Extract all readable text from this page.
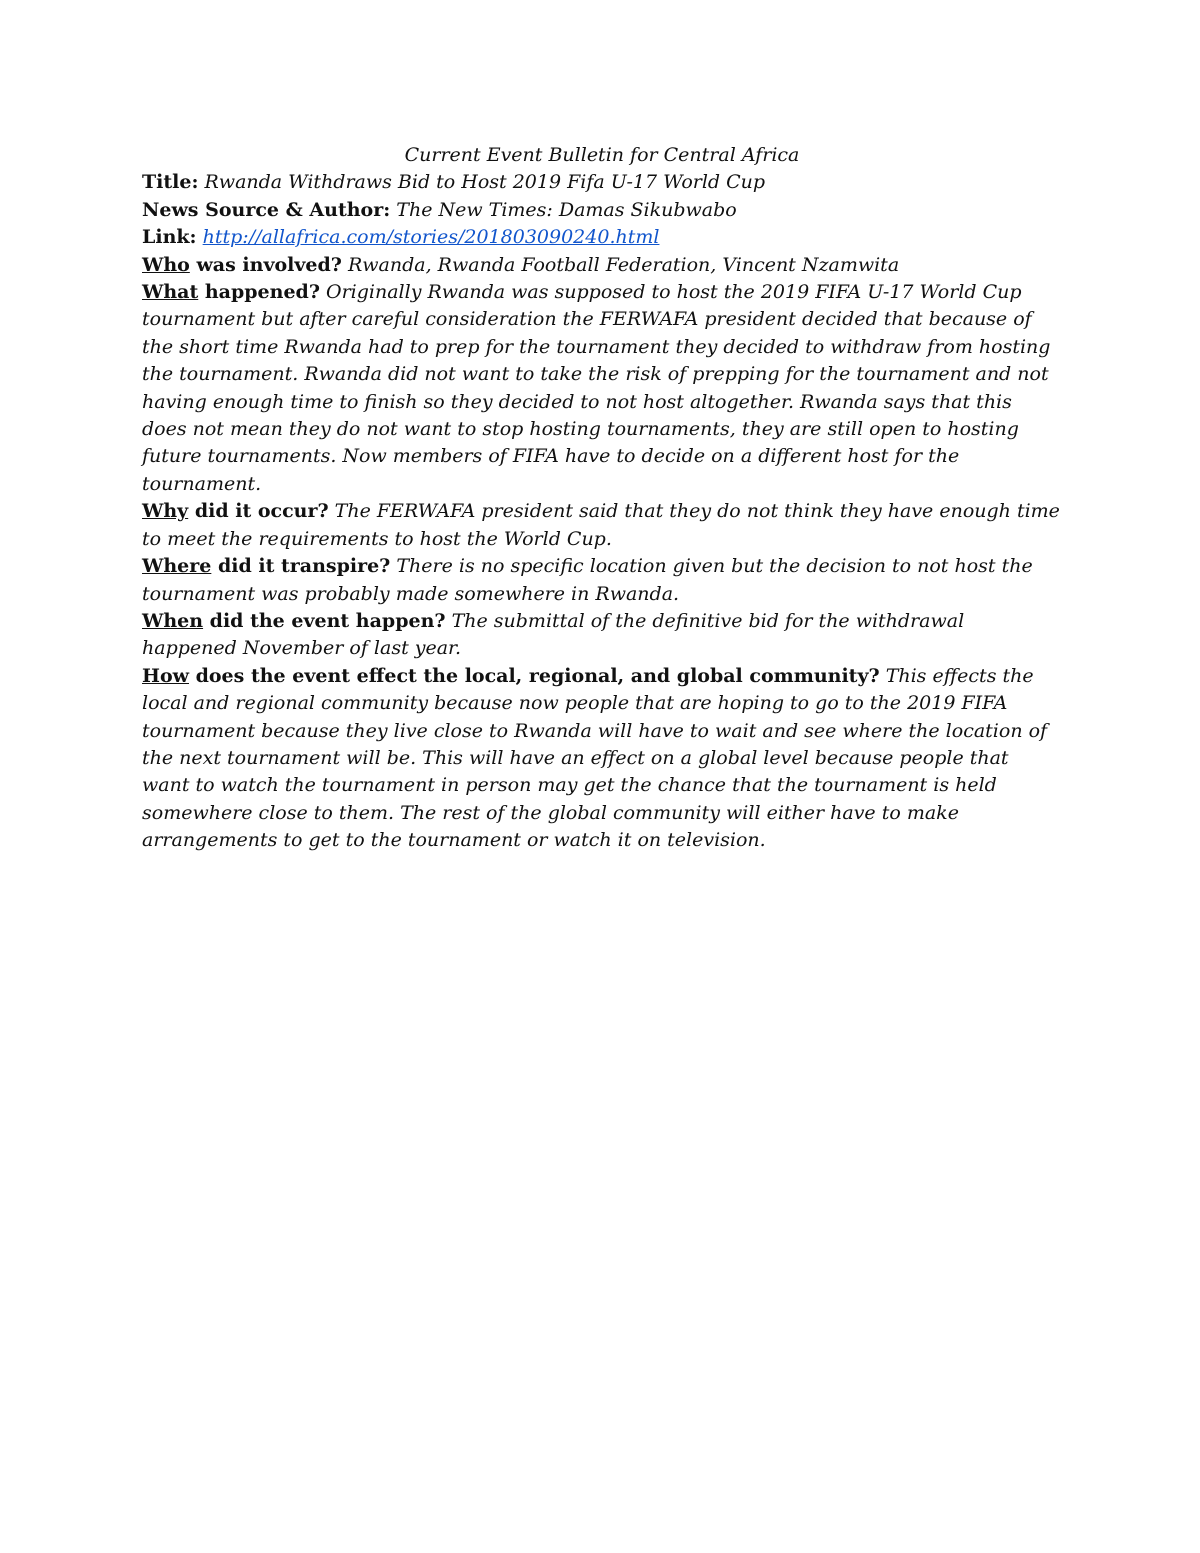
Current Event Bulletin for Central Africa

Title: Rwanda Withdraws Bid to Host 2019 Fifa U-17 World Cup

News Source & Author: The New Times: Damas Sikubwabo

Link: http://allafrica.com/stories/201803090240.html

Who was involved? Rwanda, Rwanda Football Federation, Vincent Nzamwita

What happened? Originally Rwanda was supposed to host the 2019 FIFA U-17 World Cup tournament but after careful consideration the FERWAFA president decided that because of the short time Rwanda had to prep for the tournament they decided to withdraw from hosting the tournament. Rwanda did not want to take the risk of prepping for the tournament and not having enough time to finish so they decided to not host altogether. Rwanda says that this does not mean they do not want to stop hosting tournaments, they are still open to hosting future tournaments. Now members of FIFA have to decide on a different host for the tournament.

Why did it occur? The FERWAFA president said that they do not think they have enough time to meet the requirements to host the World Cup.

Where did it transpire? There is no specific location given but the decision to not host the tournament was probably made somewhere in Rwanda.

When did the event happen? The submittal of the definitive bid for the withdrawal happened November of last year.

How does the event effect the local, regional, and global community? This effects the local and regional community because now people that are hoping to go to the 2019 FIFA tournament because they live close to Rwanda will have to wait and see where the location of the next tournament will be. This will have an effect on a global level because people that want to watch the tournament in person may get the chance that the tournament is held somewhere close to them. The rest of the global community will either have to make arrangements to get to the tournament or watch it on television.
